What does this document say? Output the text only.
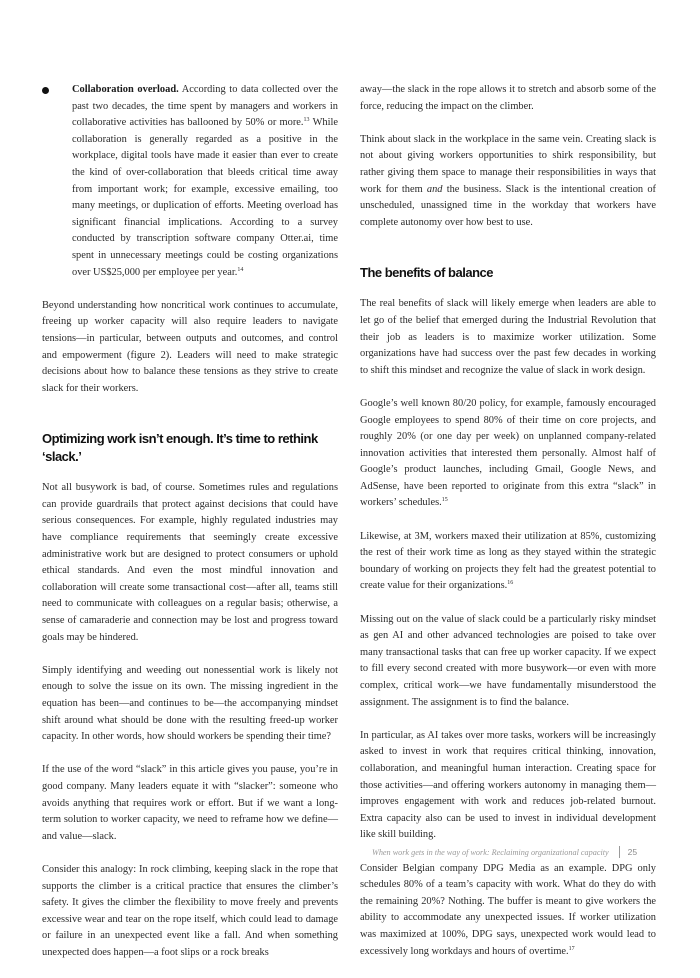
Collaboration overload. According to data collected over the past two decades, the time spent by managers and workers in collaborative activities has ballooned by 50% or more.$^{13}$ While collaboration is generally regarded as a positive in the workplace, digital tools have made it easier than ever to create the kind of over-collaboration that bleeds critical time away from important work; for example, excessive emailing, too many meetings, or duplication of efforts. Meeting overload has significant financial implications. According to a survey conducted by transcription software company Otter.ai, time spent in unnecessary meetings could be costing organizations over US$25,000 per employee per year.$^{14}$

Beyond understanding how noncritical work continues to accumulate, freeing up worker capacity will also require leaders to navigate tensions—in particular, between outputs and outcomes, and control and empowerment (figure 2). Leaders will need to make strategic decisions about how to balance these tensions as they strive to create slack for their workers.

Optimizing work isn’t enough. It’s time to rethink ‘slack.’

Not all busywork is bad, of course. Sometimes rules and regulations can provide guardrails that protect against decisions that could have serious consequences. For example, highly regulated industries may have compliance requirements that seemingly create excessive administrative work but are designed to protect consumers or uphold ethical standards. And even the most mindful innovation and collaboration will create some transactional cost—after all, teams still need to communicate with colleagues on a regular basis; otherwise, a sense of camaraderie and connection may be lost and progress toward goals may be hindered.

Simply identifying and weeding out nonessential work is likely not enough to solve the issue on its own. The missing ingredient in the equation has been—and continues to be—the accompanying mindset shift around what should be done with the resulting freed-up worker capacity. In other words, how should workers be spending their time?

If the use of the word “slack” in this article gives you pause, you’re in good company. Many leaders equate it with “slacker”: someone who avoids anything that requires work or effort. But if we want a long-term solution to worker capacity, we need to reframe how we define—and value—slack.

Consider this analogy: In rock climbing, keeping slack in the rope that supports the climber is a critical practice that ensures the climber’s safety. It gives the climber the flexibility to move freely and prevents excessive wear and tear on the rope itself, which could lead to damage or failure in an unexpected event like a fall. And when something unexpected does happen—a foot slips or a rock breaks

away—the slack in the rope allows it to stretch and absorb some of the force, reducing the impact on the climber.

Think about slack in the workplace in the same vein. Creating slack is not about giving workers opportunities to shirk responsibility, but rather giving them space to manage their responsibilities in ways that work for them and the business. Slack is the intentional creation of unscheduled, unassigned time in the workday that workers have complete autonomy over how best to use.

The benefits of balance

The real benefits of slack will likely emerge when leaders are able to let go of the belief that emerged during the Industrial Revolution that their job as leaders is to maximize worker utilization. Some organizations have had success over the past few decades in working to shift this mindset and recognize the value of slack in work design.

Google’s well known 80/20 policy, for example, famously encouraged Google employees to spend 80% of their time on core projects, and roughly 20% (or one day per week) on unplanned company-related innovation activities that interested them personally. Almost half of Google’s product launches, including Gmail, Google News, and AdSense, have been reported to originate from this extra “slack” in workers’ schedules.$^{15}$

Likewise, at 3M, workers maxed their utilization at 85%, customizing the rest of their work time as long as they stayed within the strategic boundary of working on projects they felt had the greatest potential to create value for their organizations.$^{16}$

Missing out on the value of slack could be a particularly risky mindset as gen AI and other advanced technologies are poised to take over many transactional tasks that can free up worker capacity. If we expect to fill every second created with more busywork—or even with more complex, critical work—we have fundamentally misunderstood the assignment. The assignment is to find the balance.

In particular, as AI takes over more tasks, workers will be increasingly asked to invest in work that requires critical thinking, innovation, collaboration, and meaningful human interaction. Creating space for those activities—and offering workers autonomy in managing them—improves engagement with work and reduces job-related burnout. Extra capacity also can be used to invest in individual development like skill building.

Consider Belgian company DPG Media as an example. DPG only schedules 80% of a team’s capacity with work. What do they do with the remaining 20%? Nothing. The buffer is meant to give workers the ability to accommodate any unexpected issues. If worker utilization was maximized at 100%, DPG says, unexpected work would lead to excessively long workdays and hours of overtime.$^{17}$

When work gets in the way of work: Reclaiming organizational capacity 25
